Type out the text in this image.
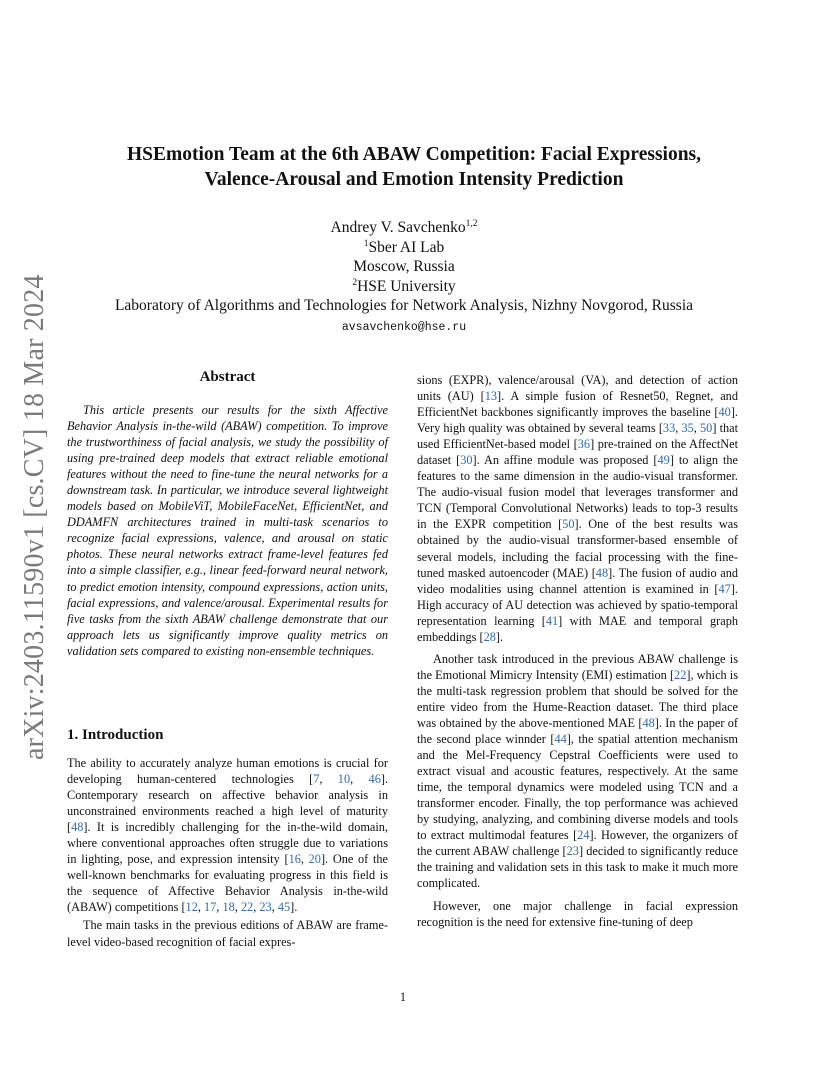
arXiv:2403.11590v1 [cs.CV] 18 Mar 2024
HSEmotion Team at the 6th ABAW Competition: Facial Expressions,
Valence-Arousal and Emotion Intensity Prediction
Andrey V. Savchenko$^{1,2}$
$^1$Sber AI Lab
Moscow, Russia
$^2$HSE University
Laboratory of Algorithms and Technologies for Network Analysis, Nizhny Novgorod, Russia
avsavchenko@hse.ru
Abstract

This article presents our results for the sixth Affective Behavior Analysis in-the-wild (ABAW) competition. To improve the trustworthiness of facial analysis, we study the possibility of using pre-trained deep models that extract reliable emotional features without the need to fine-tune the neural networks for a downstream task. In particular, we introduce several lightweight models based on MobileViT, MobileFaceNet, EfficientNet, and DDAMFN architectures trained in multi-task scenarios to recognize facial expressions, valence, and arousal on static photos. These neural networks extract frame-level features fed into a simple classifier, e.g., linear feed-forward neural network, to predict emotion intensity, compound expressions, action units, facial expressions, and valence/arousal. Experimental results for five tasks from the sixth ABAW challenge demonstrate that our approach lets us significantly improve quality metrics on validation sets compared to existing non-ensemble techniques.

1. Introduction

The ability to accurately analyze human emotions is crucial for developing human-centered technologies [7, 10, 46]. Contemporary research on affective behavior analysis in unconstrained environments reached a high level of maturity [48]. It is incredibly challenging for the in-the-wild domain, where conventional approaches often struggle due to variations in lighting, pose, and expression intensity [16, 20]. One of the well-known benchmarks for evaluating progress in this field is the sequence of Affective Behavior Analysis in-the-wild (ABAW) competitions [12, 17, 18, 22, 23, 45].

The main tasks in the previous editions of ABAW are frame-level video-based recognition of facial expres-

sions (EXPR), valence/arousal (VA), and detection of action units (AU) [13]. A simple fusion of Resnet50, Regnet, and EfficientNet backbones significantly improves the baseline [40]. Very high quality was obtained by several teams [33, 35, 50] that used EfficientNet-based model [36] pre-trained on the AffectNet dataset [30]. An affine module was proposed [49] to align the features to the same dimension in the audio-visual transformer. The audio-visual fusion model that leverages transformer and TCN (Temporal Convolutional Networks) leads to top-3 results in the EXPR competition [50]. One of the best results was obtained by the audio-visual transformer-based ensemble of several models, including the facial processing with the fine-tuned masked autoencoder (MAE) [48]. The fusion of audio and video modalities using channel attention is examined in [47]. High accuracy of AU detection was achieved by spatio-temporal representation learning [41] with MAE and temporal graph embeddings [28].

Another task introduced in the previous ABAW challenge is the Emotional Mimicry Intensity (EMI) estimation [22], which is the multi-task regression problem that should be solved for the entire video from the Hume-Reaction dataset. The third place was obtained by the above-mentioned MAE [48]. In the paper of the second place winnder [44], the spatial attention mechanism and the Mel-Frequency Cepstral Coefficients were used to extract visual and acoustic features, respectively. At the same time, the temporal dynamics were modeled using TCN and a transformer encoder. Finally, the top performance was achieved by studying, analyzing, and combining diverse models and tools to extract multimodal features [24]. However, the organizers of the current ABAW challenge [23] decided to significantly reduce the training and validation sets in this task to make it much more complicated.

However, one major challenge in facial expression recognition is the need for extensive fine-tuning of deep

1
